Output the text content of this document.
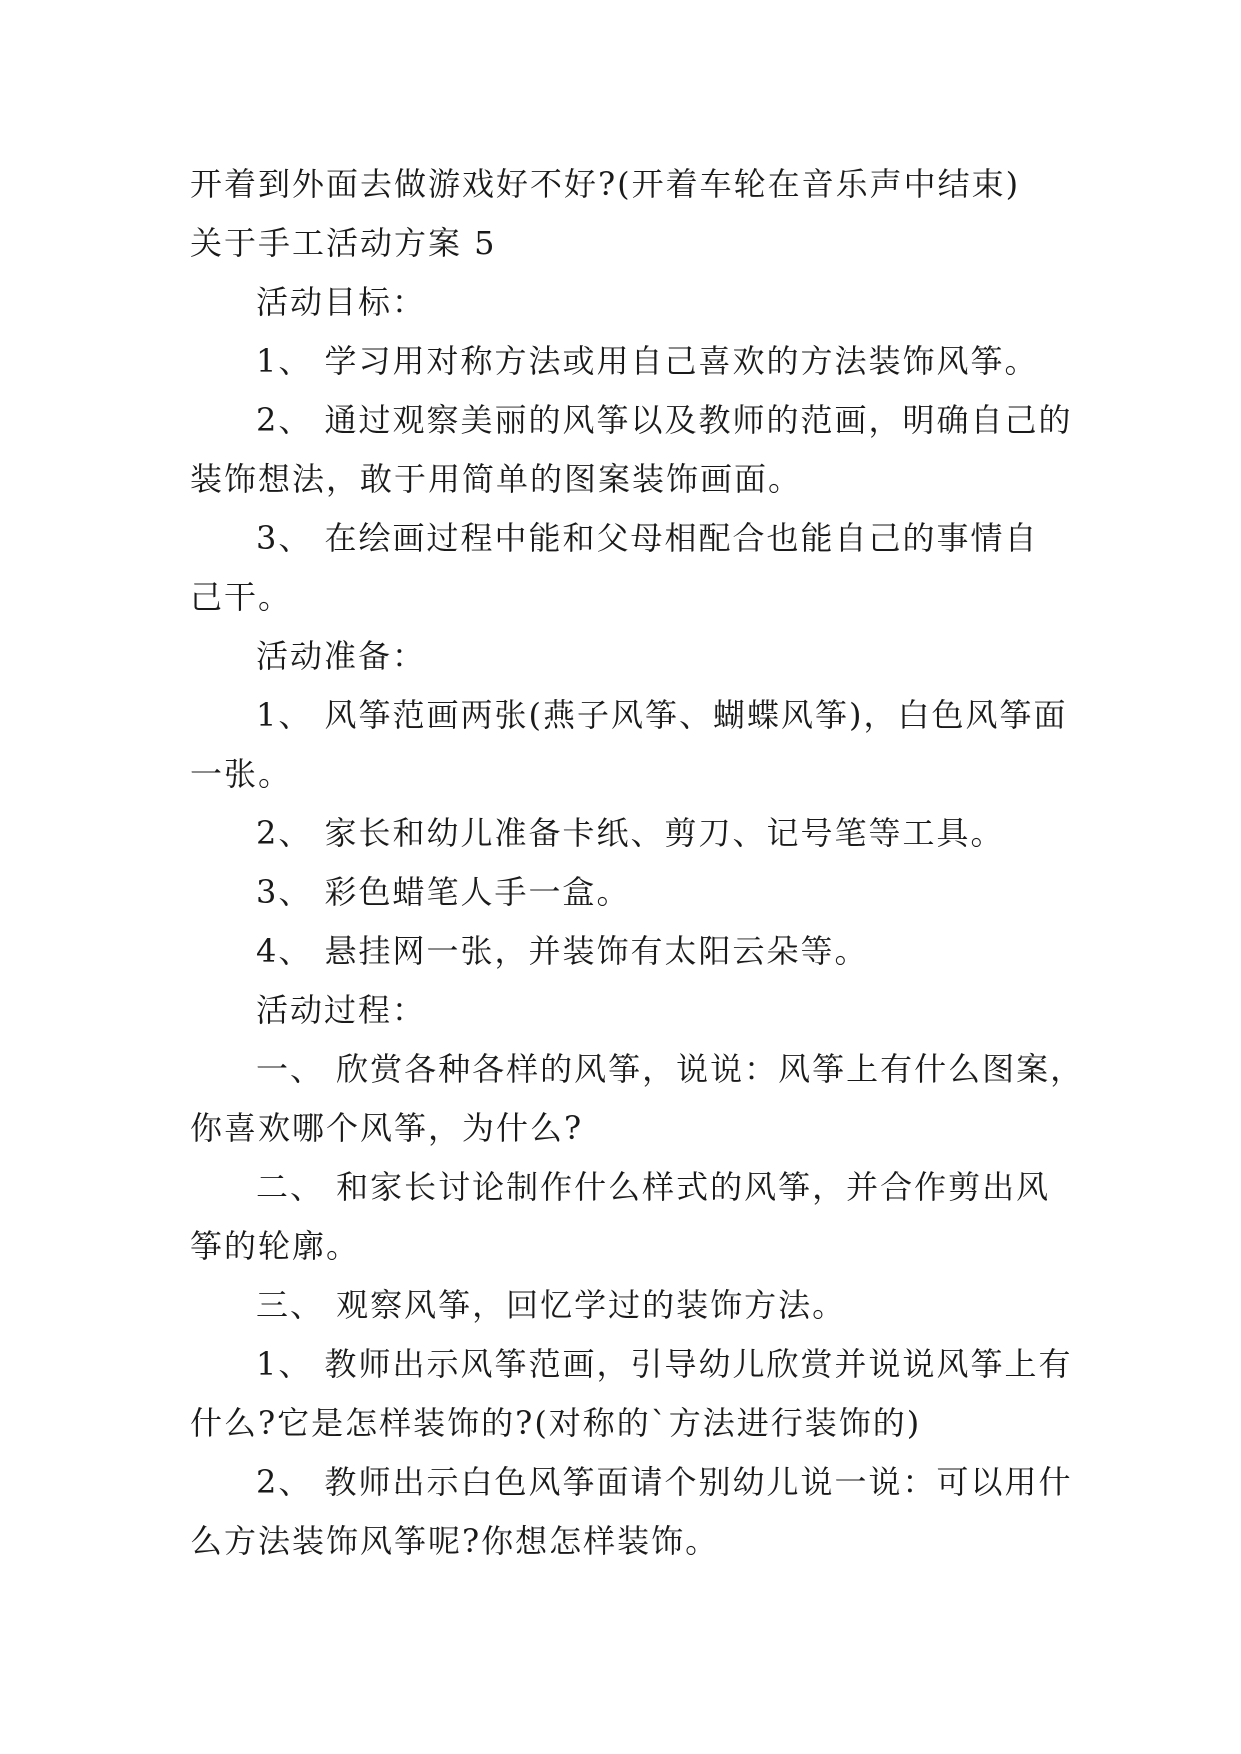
开着到外面去做游戏好不好?(开着车轮在音乐声中结束)
关于手工活动方案 5
活动目标：
1、 学习用对称方法或用自己喜欢的方法装饰风筝。
2、 通过观察美丽的风筝以及教师的范画，明确自己的
装饰想法，敢于用简单的图案装饰画面。
3、 在绘画过程中能和父母相配合也能自己的事情自
己干。
活动准备：
1、 风筝范画两张(燕子风筝、蝴蝶风筝)，白色风筝面
一张。
2、 家长和幼儿准备卡纸、剪刀、记号笔等工具。
3、 彩色蜡笔人手一盒。
4、 悬挂网一张，并装饰有太阳云朵等。
活动过程：
一、 欣赏各种各样的风筝，说说：风筝上有什么图案，
你喜欢哪个风筝，为什么?
二、 和家长讨论制作什么样式的风筝，并合作剪出风
筝的轮廓。
三、 观察风筝，回忆学过的装饰方法。
1、 教师出示风筝范画，引导幼儿欣赏并说说风筝上有
什么?它是怎样装饰的?(对称的`方法进行装饰的)
2、 教师出示白色风筝面请个别幼儿说一说：可以用什
么方法装饰风筝呢?你想怎样装饰。
